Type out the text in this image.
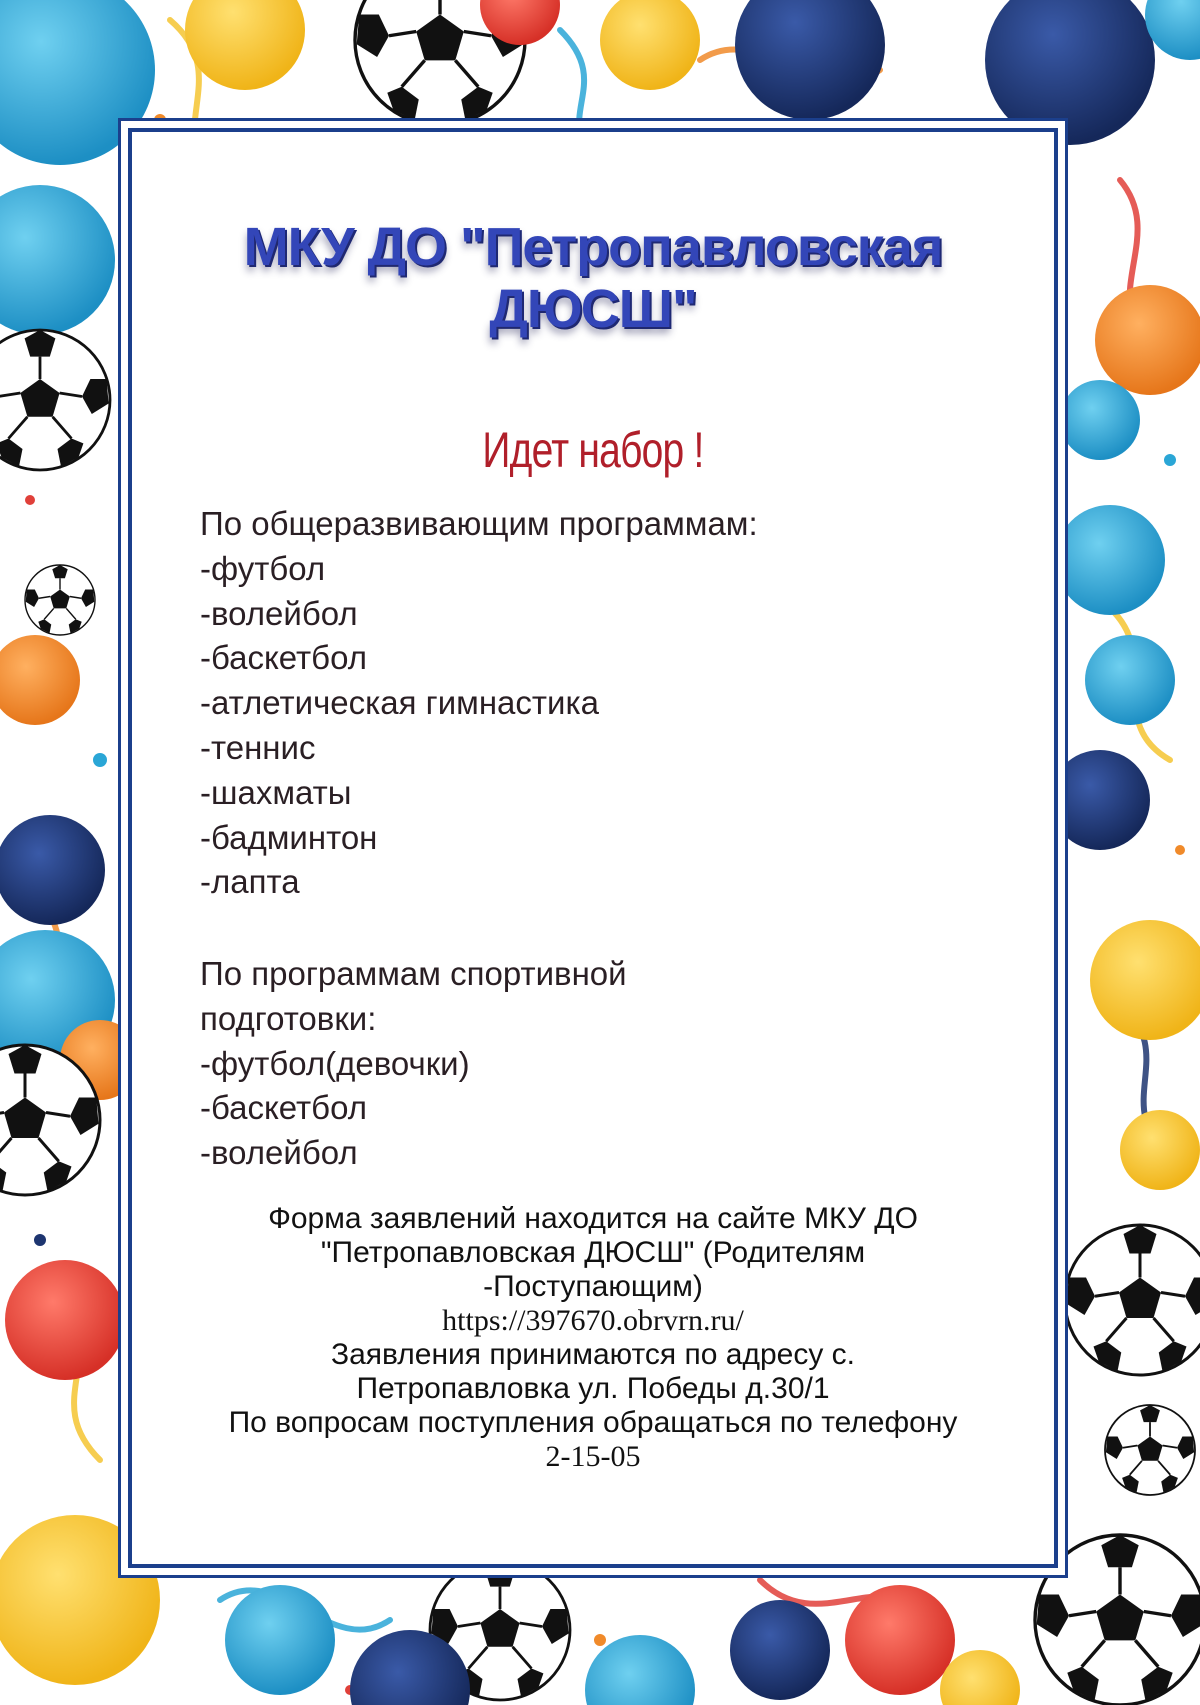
МКУ ДО "Петропавловская
ДЮСШ"
Идет набор !
По общеразвивающим программам:
-футбол
-волейбол
-баскетбол
-атлетическая гимнастика
-теннис
-шахматы
-бадминтон
-лапта
По программам спортивной
подготовки:
-футбол(девочки)
-баскетбол
-волейбол
Форма заявлений находится на сайте МКУ ДО
"Петропавловская ДЮСШ" (Родителям
-Поступающим)
https://397670.obrvrn.ru/
Заявления принимаются по адресу с.
Петропавловка ул. Победы д.30/1
По вопросам поступления обращаться по телефону
2-15-05
